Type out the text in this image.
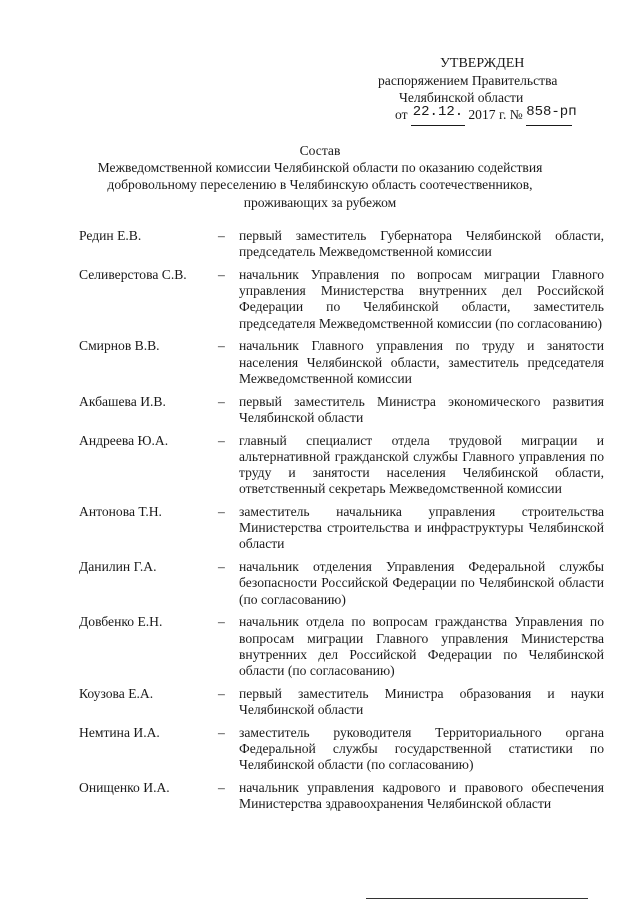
УТВЕРЖДЕН
распоряжением Правительства
Челябинской области
от 22.12. 2017 г. № 858-рп
Состав
Межведомственной комиссии Челябинской области по оказанию содействия
добровольному переселению в Челябинскую область соотечественников,
проживающих за рубежом
Редин Е.В.	–	первый заместитель Губернатора Челябинской области, председатель Межведомственной комиссии
Селиверстова С.В.	–	начальник Управления по вопросам миграции Главного управления Министерства внутренних дел Российской Федерации по Челябинской области, заместитель председателя Межведомственной комиссии (по согласованию)
Смирнов В.В.	–	начальник Главного управления по труду и занятости населения Челябинской области, заместитель председателя Межведомственной комиссии
Акбашева И.В.	–	первый заместитель Министра экономического развития Челябинской области
Андреева Ю.А.	–	главный специалист отдела трудовой миграции и альтернативной гражданской службы Главного управления по труду и занятости населения Челябинской области, ответственный секретарь Межведомственной комиссии
Антонова Т.Н.	–	заместитель начальника управления строительства Министерства строительства и инфраструктуры Челябинской области
Данилин Г.А.	–	начальник отделения Управления Федеральной службы безопасности Российской Федерации по Челябинской области (по согласованию)
Довбенко Е.Н.	–	начальник отдела по вопросам гражданства Управления по вопросам миграции Главного управления Министерства внутренних дел Российской Федерации по Челябинской области (по согласованию)
Коузова Е.А.	–	первый заместитель Министра образования и науки Челябинской области
Немтина И.А.	–	заместитель руководителя Территориального органа Федеральной службы государственной статистики по Челябинской области (по согласованию)
Онищенко И.А.	–	начальник управления кадрового и правового обеспечения Министерства здравоохранения Челябинской области
